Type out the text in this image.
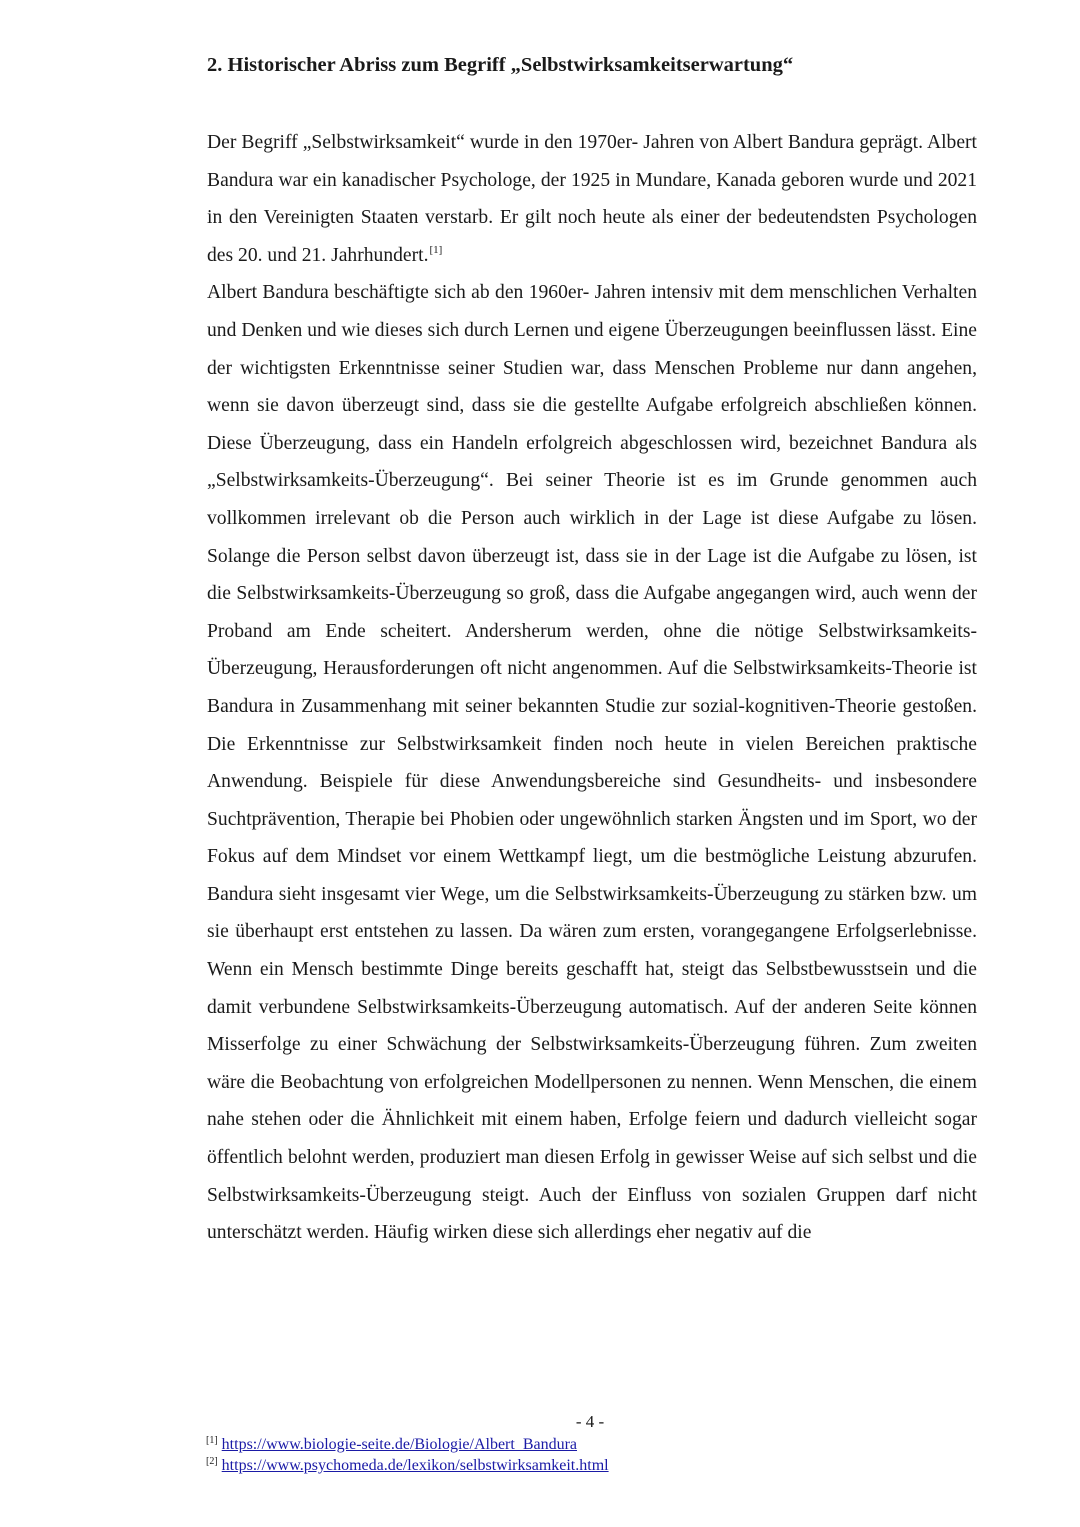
2. Historischer Abriss zum Begriff „Selbstwirksamkeitserwartung“

Der Begriff „Selbstwirksamkeit“ wurde in den 1970er- Jahren von Albert Bandura geprägt. Albert Bandura war ein kanadischer Psychologe, der 1925 in Mundare, Kanada geboren wurde und 2021 in den Vereinigten Staaten verstarb. Er gilt noch heute als einer der bedeutendsten Psychologen des 20. und 21. Jahrhundert.[1]

Albert Bandura beschäftigte sich ab den 1960er- Jahren intensiv mit dem menschlichen Verhalten und Denken und wie dieses sich durch Lernen und eigene Überzeugungen beeinflussen lässt. Eine der wichtigsten Erkenntnisse seiner Studien war, dass Menschen Probleme nur dann angehen, wenn sie davon überzeugt sind, dass sie die gestellte Aufgabe erfolgreich abschließen können. Diese Überzeugung, dass ein Handeln erfolgreich abgeschlossen wird, bezeichnet Bandura als „Selbstwirksamkeits-Überzeugung“. Bei seiner Theorie ist es im Grunde genommen auch vollkommen irrelevant ob die Person auch wirklich in der Lage ist diese Aufgabe zu lösen. Solange die Person selbst davon überzeugt ist, dass sie in der Lage ist die Aufgabe zu lösen, ist die Selbstwirksamkeits-Überzeugung so groß, dass die Aufgabe angegangen wird, auch wenn der Proband am Ende scheitert. Andersherum werden, ohne die nötige Selbstwirksamkeits-Überzeugung, Herausforderungen oft nicht angenommen. Auf die Selbstwirksamkeits-Theorie ist Bandura in Zusammenhang mit seiner bekannten Studie zur sozial-kognitiven-Theorie gestoßen. Die Erkenntnisse zur Selbstwirksamkeit finden noch heute in vielen Bereichen praktische Anwendung. Beispiele für diese Anwendungsbereiche sind Gesundheits- und insbesondere Suchtprävention, Therapie bei Phobien oder ungewöhnlich starken Ängsten und im Sport, wo der Fokus auf dem Mindset vor einem Wettkampf liegt, um die bestmögliche Leistung abzurufen. Bandura sieht insgesamt vier Wege, um die Selbstwirksamkeits-Überzeugung zu stärken bzw. um sie überhaupt erst entstehen zu lassen. Da wären zum ersten, vorangegangene Erfolgserlebnisse. Wenn ein Mensch bestimmte Dinge bereits geschafft hat, steigt das Selbstbewusstsein und die damit verbundene Selbstwirksamkeits-Überzeugung automatisch. Auf der anderen Seite können Misserfolge zu einer Schwächung der Selbstwirksamkeits-Überzeugung führen. Zum zweiten wäre die Beobachtung von erfolgreichen Modellpersonen zu nennen. Wenn Menschen, die einem nahe stehen oder die Ähnlichkeit mit einem haben, Erfolge feiern und dadurch vielleicht sogar öffentlich belohnt werden, produziert man diesen Erfolg in gewisser Weise auf sich selbst und die Selbstwirksamkeits-Überzeugung steigt. Auch der Einfluss von sozialen Gruppen darf nicht unterschätzt werden. Häufig wirken diese sich allerdings eher negativ auf die

- 4 -
[1] https://www.biologie-seite.de/Biologie/Albert_Bandura
[2] https://www.psychomeda.de/lexikon/selbstwirksamkeit.html
